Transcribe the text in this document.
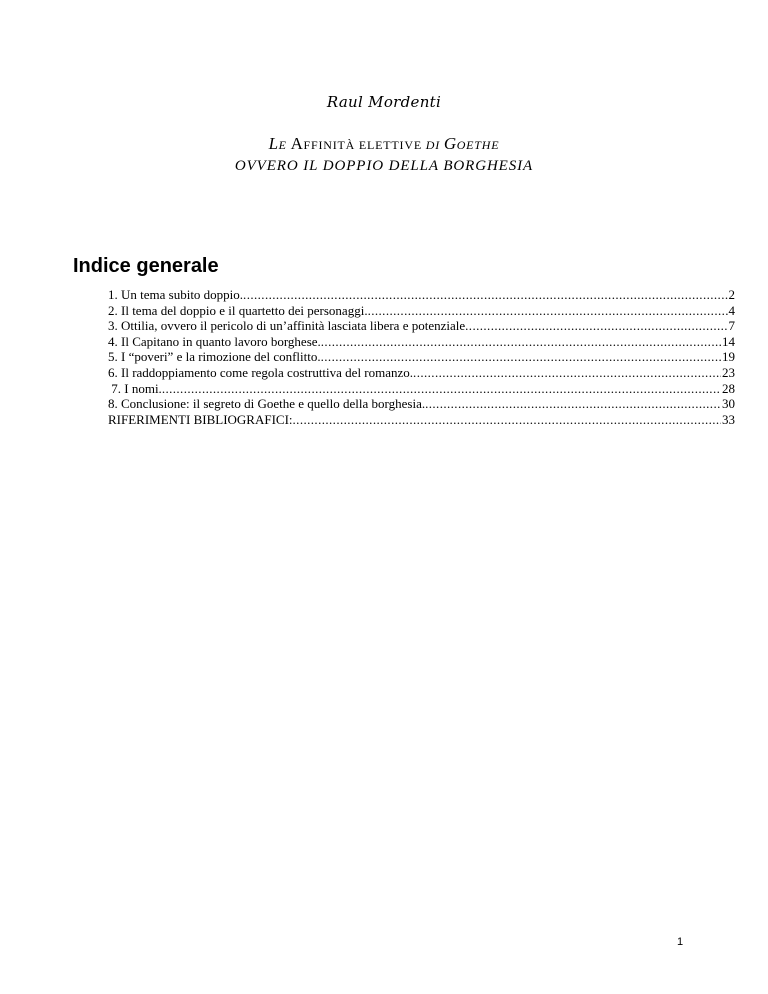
Raul Mordenti
LE AFFINITÀ ELETTIVE DI GOETHE
OVVERO IL DOPPIO DELLA BORGHESIA
Indice generale
1. Un tema subito doppio. .....	2
2. Il tema del doppio e il quartetto dei personaggi. .....	4
3. Ottilia, ovvero il pericolo di un’affinità lasciata libera e potenziale .....	7
4. Il Capitano in quanto lavoro borghese. .....	14
5. I “poveri” e la rimozione del conflitto. .....	19
6. Il raddoppiamento come regola costruttiva del romanzo. .....	23
7. I nomi. .....	28
8. Conclusione: il segreto di Goethe e quello della borghesia. .....	30
RIFERIMENTI BIBLIOGRAFICI: .....	33
1
